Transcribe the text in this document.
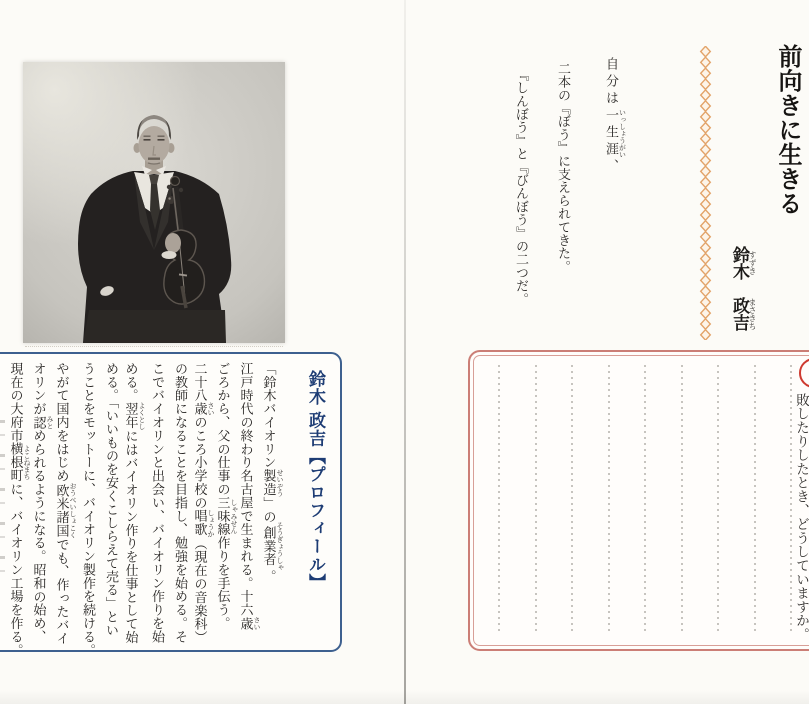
鈴木 政吉【プロフィール】
「鈴木バイオリン製造 せいぞう」の創業者 そうぎょうしゃ。
江戸時代の終わり名古屋で生まれる。十六歳 さい
ごろから、父の仕事の三味線 しゃみせん作りを手伝う。
二十八歳 さいのころ小学校の唱歌 しょうか（現在の音楽科）
の教師になることを目指し、勉強を始める。そ
こでバイオリンと出会い、バイオリン作りを始
める。翌年 よくとしにはバイオリン作りを仕事として始
める。「いいものを安くこしらえて売る」とい
うことをモットーに、バイオリン製作を続ける。
やがて国内をはじめ欧米諸国 おうべいしょこくでも、作ったバイ
オリンが認 みとめられるようになる。昭和の始め、
現在の大府市横根町 よこねまちに、バイオリン工場を作る。
前向きに生きる
鈴木 すずき　政吉 まさきち
自分は一生涯 いっしょうがい、
二本の『ぼう』に支えられてきた。
『しんぼう』と『びんぼう』の二つだ。
敗したりしたとき、どうしていますか。
